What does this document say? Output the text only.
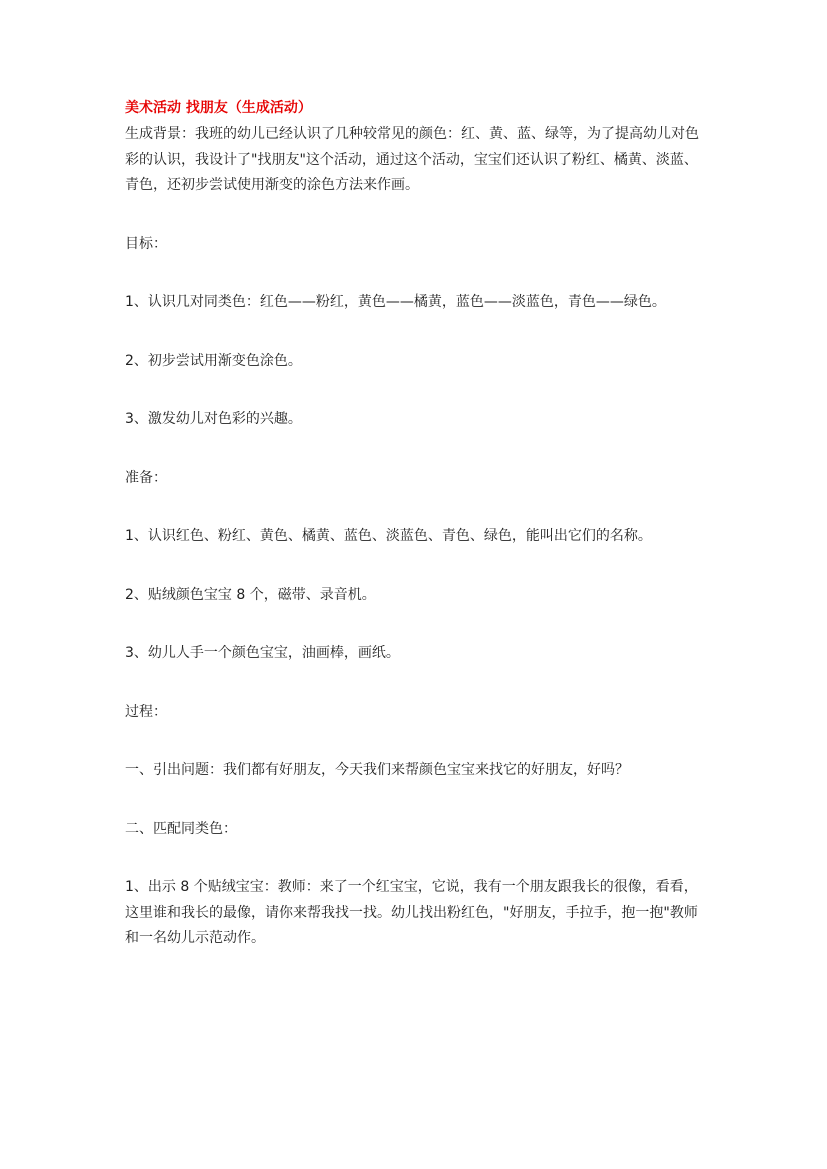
美术活动 找朋友（生成活动）

生成背景：我班的幼儿已经认识了几种较常见的颜色：红、黄、蓝、绿等，为了提高幼儿对色彩的认识，我设计了"找朋友"这个活动，通过这个活动，宝宝们还认识了粉红、橘黄、淡蓝、青色，还初步尝试使用渐变的涂色方法来作画。

目标：

1、认识几对同类色：红色——粉红，黄色——橘黄，蓝色——淡蓝色，青色——绿色。

2、初步尝试用渐变色涂色。

3、激发幼儿对色彩的兴趣。

准备：

1、认识红色、粉红、黄色、橘黄、蓝色、淡蓝色、青色、绿色，能叫出它们的名称。

2、贴绒颜色宝宝 8 个，磁带、录音机。

3、幼儿人手一个颜色宝宝，油画棒，画纸。

过程：

一、引出问题：我们都有好朋友，今天我们来帮颜色宝宝来找它的好朋友，好吗？

二、匹配同类色：

1、出示 8 个贴绒宝宝：教师：来了一个红宝宝，它说，我有一个朋友跟我长的很像，看看，这里谁和我长的最像，请你来帮我找一找。幼儿找出粉红色，"好朋友，手拉手，抱一抱"教师和一名幼儿示范动作。
